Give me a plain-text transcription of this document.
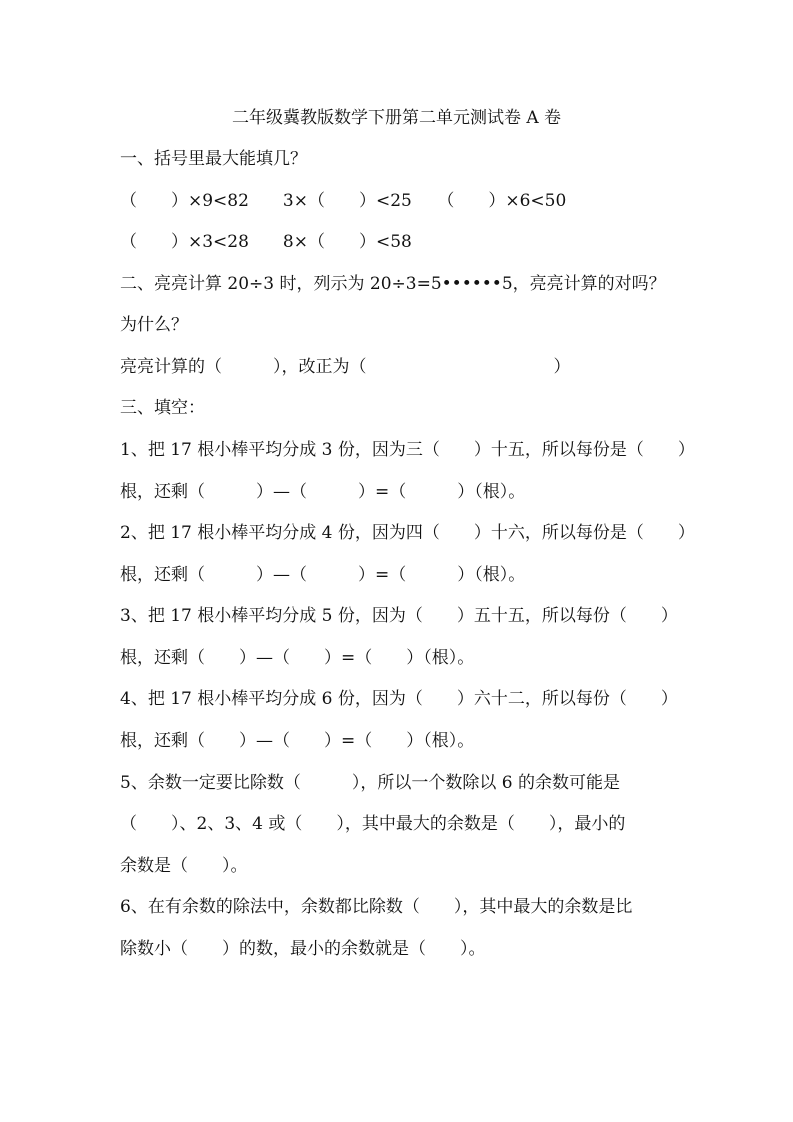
二年级冀教版数学下册第二单元测试卷 A 卷
一、括号里最大能填几？
（　　）×9<82　　3×（　　）<25　　（　　）×6<50
（　　）×3<28　　8×（　　）<58
二、亮亮计算 20÷3 时，列示为 20÷3=5••••••5，亮亮计算的对吗？
为什么？
亮亮计算的（　　　），改正为（　　　　　　　　　　　）
三、填空：
1、把 17 根小棒平均分成 3 份，因为三（　　）十五，所以每份是（　　）
根，还剩（　　　）—（　　　）=（　　　）（根）。
2、把 17 根小棒平均分成 4 份，因为四（　　）十六，所以每份是（　　）
根，还剩（　　　）—（　　　）=（　　　）（根）。
3、把 17 根小棒平均分成 5 份，因为（　　）五十五，所以每份（　　）
根，还剩（　　）—（　　）=（　　）（根）。
4、把 17 根小棒平均分成 6 份，因为（　　）六十二，所以每份（　　）
根，还剩（　　）—（　　）=（　　）（根）。
5、余数一定要比除数（　　　），所以一个数除以 6 的余数可能是
（　　）、2、3、4 或（　　），其中最大的余数是（　　），最小的
余数是（　　）。
6、在有余数的除法中，余数都比除数（　　），其中最大的余数是比
除数小（　　）的数，最小的余数就是（　　）。
